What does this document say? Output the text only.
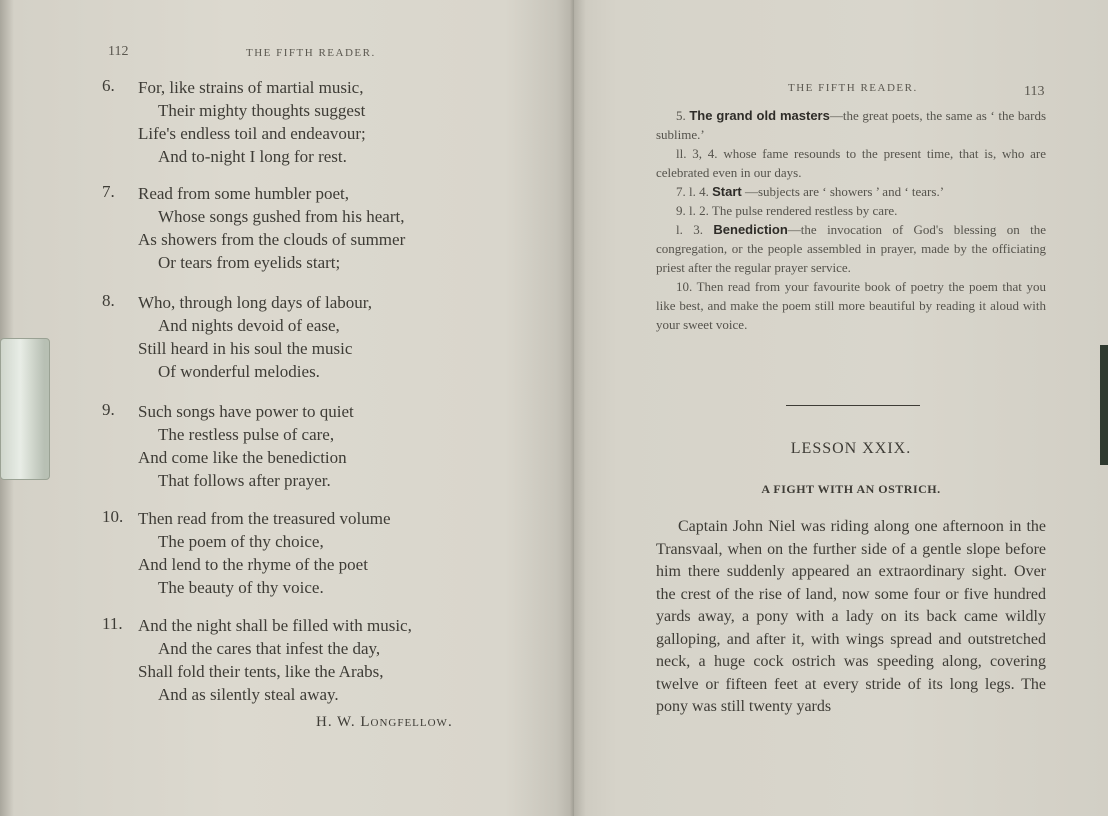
112	THE FIFTH READER.
6.	For, like strains of martial music,
Their mighty thoughts suggest
Life's endless toil and endeavour;
And to-night I long for rest.
7.	Read from some humbler poet,
Whose songs gushed from his heart,
As showers from the clouds of summer
Or tears from eyelids start;
8.	Who, through long days of labour,
And nights devoid of ease,
Still heard in his soul the music
Of wonderful melodies.
9.	Such songs have power to quiet
The restless pulse of care,
And come like the benediction
That follows after prayer.
10. Then read from the treasured volume
The poem of thy choice,
And lend to the rhyme of the poet
The beauty of thy voice.
11. And the night shall be filled with music,
And the cares that infest the day,
Shall fold their tents, like the Arabs,
And as silently steal away.
H. W. Longfellow.
THE FIFTH READER.	113

5. The grand old masters—the great poets, the same as ‘ the bards sublime.’

ll. 3, 4. whose fame resounds to the present time, that is, who are celebrated even in our days.

7. l. 4. Start —subjects are ‘ showers ’ and ‘ tears.’

9. l. 2. The pulse rendered restless by care.

l. 3. Benediction—the invocation of God's blessing on the congregation, or the people assembled in prayer, made by the officiating priest after the regular prayer service.

10. Then read from your favourite book of poetry the poem that you like best, and make the poem still more beautiful by reading it aloud with your sweet voice.

LESSON XXIX.
A FIGHT WITH AN OSTRICH.

Captain John Niel was riding along one afternoon in the Transvaal, when on the further side of a gentle slope before him there suddenly appeared an extraordinary sight. Over the crest of the rise of land, now some four or five hundred yards away, a pony with a lady on its back came wildly galloping, and after it, with wings spread and outstretched neck, a huge cock ostrich was speeding along, covering twelve or fifteen feet at every stride of its long legs. The pony was still twenty yards
